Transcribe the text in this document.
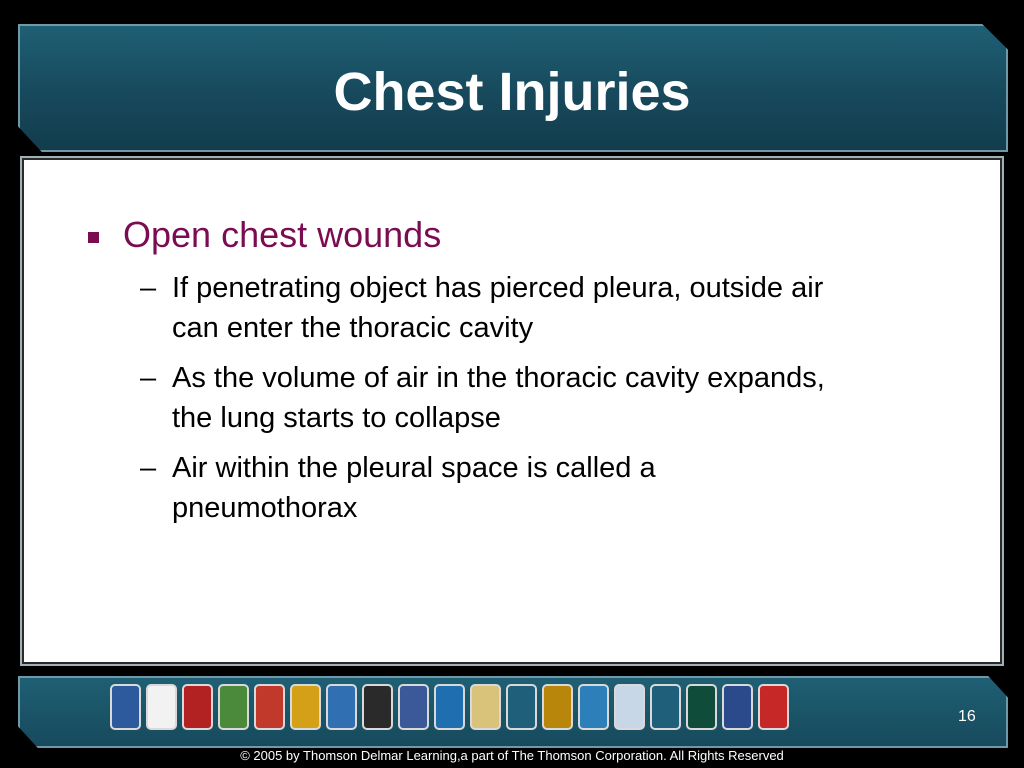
Chest Injuries
Open chest wounds
– If penetrating object has pierced pleura, outside air can enter the thoracic cavity
– As the volume of air in the thoracic cavity expands, the lung starts to collapse
– Air within the pleural space is called a pneumothorax
16
© 2005 by Thomson Delmar Learning,a part of The Thomson Corporation. All Rights Reserved
